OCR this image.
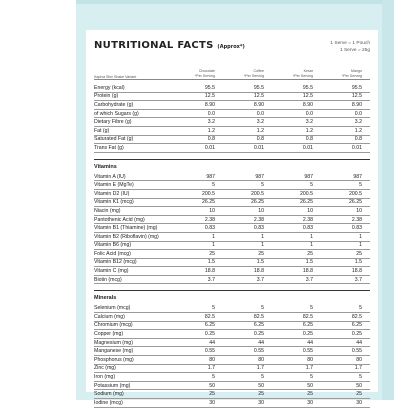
NUTRITIONAL FACTS (Approx*)
1 Serve = 1 Pouch
1 Serve = 25g
Kapiva Slim Shake Variant
Chocolate
*Per Serving
Coffee
*Per Serving
Kesar
*Per Serving
Mango
*Per Serving
Energy (kcal)	95.5	95.5	95.5	95.5
Protein (g)	12.5	12.5	12.5	12.5
Carbohydrate (g)	8.90	8.90	8.90	8.90
of which Sugars (g)	0.0	0.0	0.0	0.0
Dietary Fibre (g)	3.2	3.2	3.2	3.2
Fat (g)	1.2	1.2	1.2	1.2
Saturated Fat (g)	0.8	0.8	0.8	0.8
Trans Fat (g)	0.01	0.01	0.01	0.01
Vitamins
Vitamin A (IU)	987	987	987	987
Vitamin E (MgTe)	5	5	5	5
Vitamin D2 (IU)	200.5	200.5	200.5	200.5
Vitamin K1 (mcg)	26.25	26.25	26.25	26.25
Niacin (mg)	10	10	10	10
Pantothenic Acid (mg)	2.38	2.38	2.38	2.38
Vitamin B1 (Thiamine) (mg)	0.83	0.83	0.83	0.83
Vitamin B2 (Riboflavin) (mg)	1	1	1	1
Vitamin B6 (mg)	1	1	1	1
Folic Acid (mcg)	25	25	25	25
Vitamin B12 (mcg)	1.5	1.5	1.5	1.5
Vitamin C (mg)	18.8	18.8	18.8	18.8
Biotin (mcg)	3.7	3.7	3.7	3.7
Minerals
Selenium (mcg)	5	5	5	5
Calcium (mg)	82.5	82.5	82.5	82.5
Chromium (mcg)	6.25	6.25	6.25	6.25
Copper (mg)	0.25	0.25	0.25	0.25
Magnesium (mg)	44	44	44	44
Manganese (mg)	0.55	0.55	0.55	0.55
Phosphorus (mg)	80	80	80	80
Zinc (mg)	1.7	1.7	1.7	1.7
Iron (mg)	5	5	5	5
Potassium (mg)	50	50	50	50
Sodium (mg)	25	25	25	25
Iodine (mcg)	30	30	30	30
